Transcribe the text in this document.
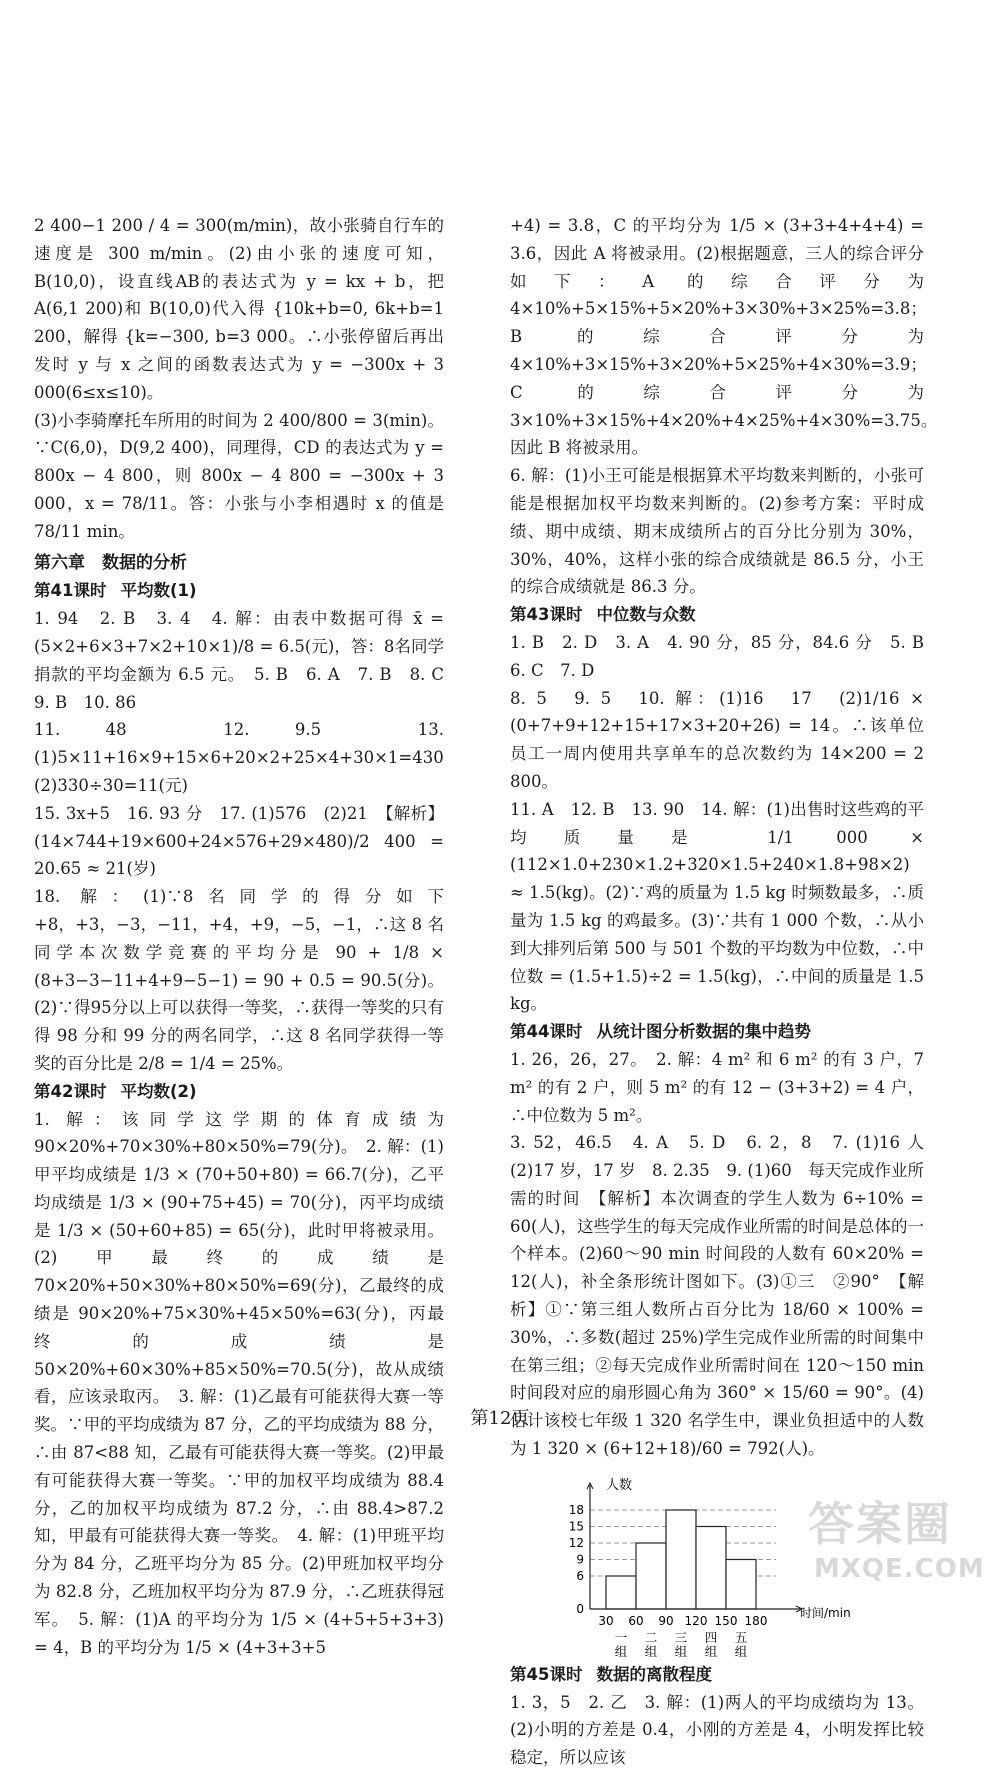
2 400−1 200 / 4 = 300(m/min)，故小张骑自行车的速度是 300 m/min。(2)由小张的速度可知，B(10,0)，设直线AB的表达式为 y = kx + b，把 A(6,1 200)和 B(10,0)代入得 {10k+b=0, 6k+b=1 200，解得 {k=−300, b=3 000。∴小张停留后再出发时 y 与 x 之间的函数表达式为 y = −300x + 3 000(6≤x≤10)。

(3)小李骑摩托车所用的时间为 2 400/800 = 3(min)。∵C(6,0)，D(9,2 400)，同理得，CD 的表达式为 y = 800x − 4 800，则 800x − 4 800 = −300x + 3 000，x = 78/11。答：小张与小李相遇时 x 的值是 78/11 min。

第六章　数据的分析

第41课时 平均数(1)

1. 94　2. B　3. 4　4. 解：由表中数据可得 x̄ = (5×2+6×3+7×2+10×1)/8 = 6.5(元)，答：8名同学捐款的平均金额为 6.5 元。　5. B　6. A　7. B　8. C　9. B　10. 86

11. 48　12. 9.5　13. (1)5×11+16×9+15×6+20×2+25×4+30×1=430　(2)330÷30=11(元)

15. 3x+5　16. 93 分　17. (1)576　(2)21　【解析】(14×744+19×600+24×576+29×480)/2 400 = 20.65 ≈ 21(岁)

18. 解：(1)∵8名同学的得分如下 +8，+3，−3，−11，+4，+9，−5，−1，∴这 8 名同学本次数学竞赛的平均分是 90 + 1/8 × (8+3−3−11+4+9−5−1) = 90 + 0.5 = 90.5(分)。(2)∵得95分以上可以获得一等奖，∴获得一等奖的只有得 98 分和 99 分的两名同学，∴这 8 名同学获得一等奖的百分比是 2/8 = 1/4 = 25%。

第42课时 平均数(2)

1. 解：该同学这学期的体育成绩为 90×20%+70×30%+80×50%=79(分)。　2. 解：(1)甲平均成绩是 1/3 × (70+50+80) = 66.7(分)，乙平均成绩是 1/3 × (90+75+45) = 70(分)，丙平均成绩是 1/3 × (50+60+85) = 65(分)，此时甲将被录用。(2)甲最终的成绩是 70×20%+50×30%+80×50%=69(分)，乙最终的成绩是 90×20%+75×30%+45×50%=63(分)，丙最终的成绩是 50×20%+60×30%+85×50%=70.5(分)，故从成绩看，应该录取丙。　3. 解：(1)乙最有可能获得大赛一等奖。∵甲的平均成绩为 87 分，乙的平均成绩为 88 分，∴由 87<88 知，乙最有可能获得大赛一等奖。(2)甲最有可能获得大赛一等奖。∵甲的加权平均成绩为 88.4 分，乙的加权平均成绩为 87.2 分，∴由 88.4>87.2 知，甲最有可能获得大赛一等奖。　4. 解：(1)甲班平均分为 84 分，乙班平均分为 85 分。(2)甲班加权平均分为 82.8 分，乙班加权平均分为 87.9 分，∴乙班获得冠军。　5. 解：(1)A 的平均分为 1/5 × (4+5+5+3+3) = 4，B 的平均分为 1/5 × (4+3+3+5

+4) = 3.8，C 的平均分为 1/5 × (3+3+4+4+4) = 3.6，因此 A 将被录用。(2)根据题意，三人的综合评分如下：A 的综合评分为 4×10%+5×15%+5×20%+3×30%+3×25%=3.8；B 的综合评分为 4×10%+3×15%+3×20%+5×25%+4×30%=3.9；C 的综合评分为 3×10%+3×15%+4×20%+4×25%+4×30%=3.75。因此 B 将被录用。

6. 解：(1)小王可能是根据算术平均数来判断的，小张可能是根据加权平均数来判断的。(2)参考方案：平时成绩、期中成绩、期末成绩所占的百分比分别为 30%，30%，40%，这样小张的综合成绩就是 86.5 分，小王的综合成绩就是 86.3 分。

第43课时 中位数与众数

1. B　2. D　3. A　4. 90 分，85 分，84.6 分　5. B　6. C　7. D

8. 5　9. 5　10. 解：(1)16　17　(2)1/16 × (0+7+9+12+15+17×3+20+26) = 14。∴该单位员工一周内使用共享单车的总次数约为 14×200 = 2 800。

11. A　12. B　13. 90　14. 解：(1)出售时这些鸡的平均质量是 1/1 000 × (112×1.0+230×1.2+320×1.5+240×1.8+98×2) ≈ 1.5(kg)。(2)∵鸡的质量为 1.5 kg 时频数最多，∴质量为 1.5 kg 的鸡最多。(3)∵共有 1 000 个数，∴从小到大排列后第 500 与 501 个数的平均数为中位数，∴中位数 = (1.5+1.5)÷2 = 1.5(kg)，∴中间的质量是 1.5 kg。

第44课时 从统计图分析数据的集中趋势

1. 26，26，27。　2. 解：4 m² 和 6 m² 的有 3 户，7 m² 的有 2 户，则 5 m² 的有 12 − (3+3+2) = 4 户，∴中位数为 5 m²。

3. 52，46.5　4. A　5. D　6. 2，8　7. (1)16 人　(2)17 岁，17 岁　8. 2.35　9. (1)60　每天完成作业所需的时间　【解析】本次调查的学生人数为 6÷10% = 60(人)，这些学生的每天完成作业所需的时间是总体的一个样本。(2)60～90 min 时间段的人数有 60×20% = 12(人)，补全条形统计图如下。(3)①三　②90°　【解析】①∵第三组人数所占百分比为 18/60 × 100% = 30%，∴多数(超过 25%)学生完成作业所需的时间集中在第三组；②每天完成作业所需时间在 120～150 min 时间段对应的扇形圆心角为 360° × 15/60 = 90°。(4)估计该校七年级 1 320 名学生中，课业负担适中的人数为 1 320 × (6+12+18)/60 = 792(人)。

0
6
9
12
15
18
30 60 90 120 150 180
一 二 三 四 五
组 组 组 组 组
人数
时间/min

第45课时 数据的离散程度

1. 3，5　2. 乙　3. 解：(1)两人的平均成绩均为 13。(2)小明的方差是 0.4，小刚的方差是 4，小明发挥比较稳定，所以应该

第12页
答案圈
MXQE.COM
